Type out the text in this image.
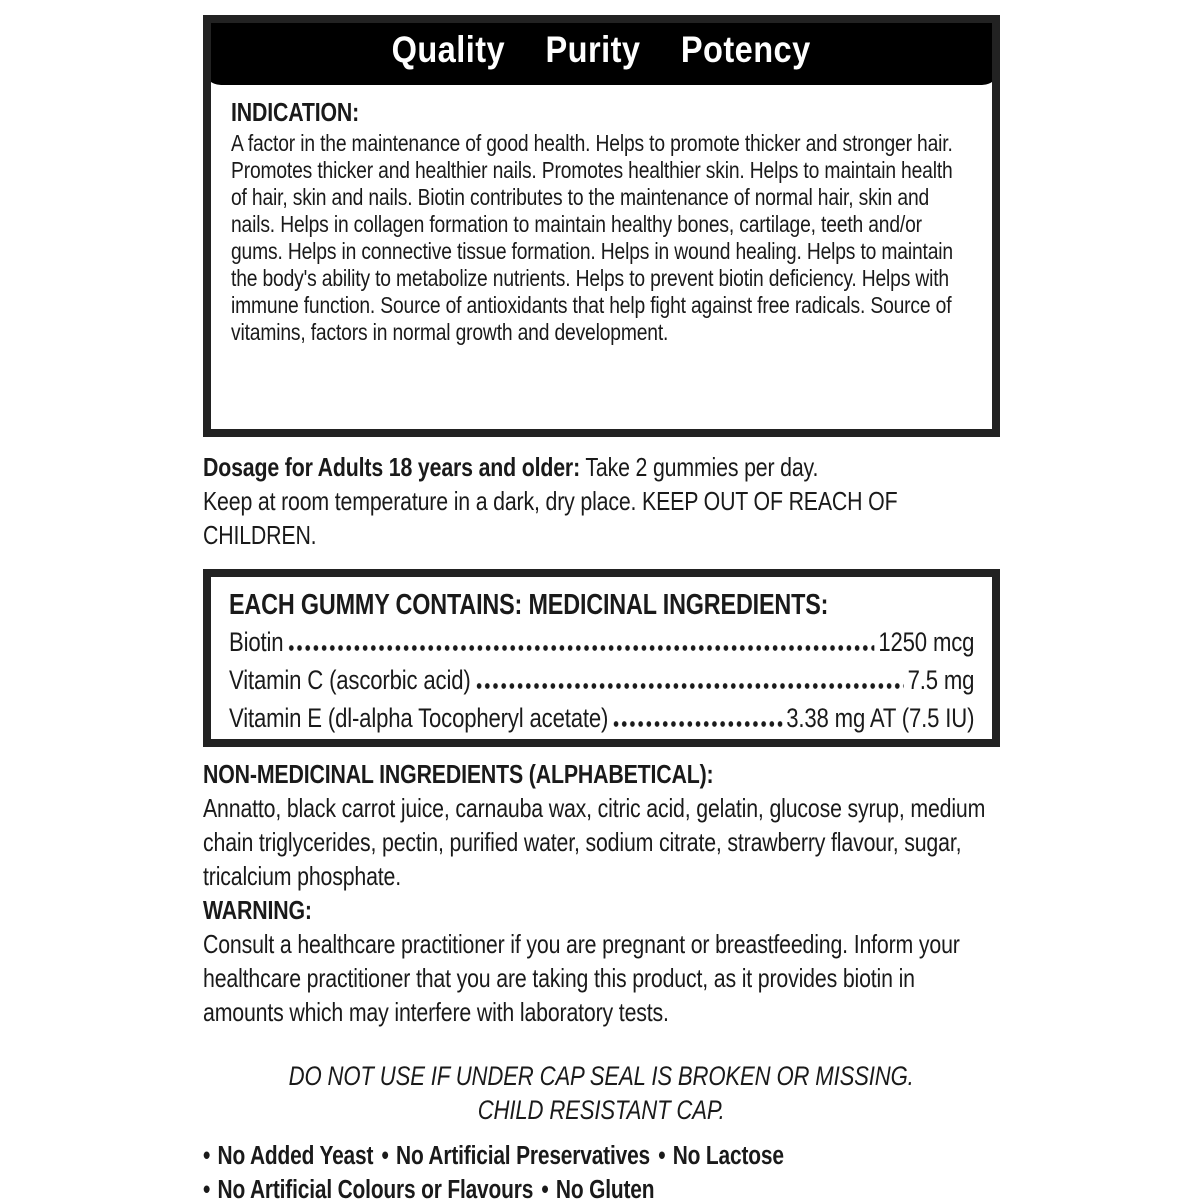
Quality Purity Potency
INDICATION:

A factor in the maintenance of good health. Helps to promote thicker and stronger hair. Promotes thicker and healthier nails. Promotes healthier skin. Helps to maintain health of hair, skin and nails. Biotin contributes to the maintenance of normal hair, skin and nails. Helps in collagen formation to maintain healthy bones, cartilage, teeth and/or gums. Helps in connective tissue formation. Helps in wound healing. Helps to maintain the body's ability to metabolize nutrients. Helps to prevent biotin deficiency. Helps with immune function. Source of antioxidants that help fight against free radicals. Source of vitamins, factors in normal growth and development.

Dosage for Adults 18 years and older: Take 2 gummies per day.

Keep at room temperature in a dark, dry place. KEEP OUT OF REACH OF CHILDREN.

EACH GUMMY CONTAINS: MEDICINAL INGREDIENTS:
Biotin	1250 mcg
Vitamin C (ascorbic acid)	7.5 mg
Vitamin E (dl-alpha Tocopheryl acetate)	3.38 mg AT (7.5 IU)
NON-MEDICINAL INGREDIENTS (ALPHABETICAL):

Annatto, black carrot juice, carnauba wax, citric acid, gelatin, glucose syrup, medium chain triglycerides, pectin, purified water, sodium citrate, strawberry flavour, sugar, tricalcium phosphate.

WARNING:

Consult a healthcare practitioner if you are pregnant or breastfeeding. Inform your healthcare practitioner that you are taking this product, as it provides biotin in amounts which may interfere with laboratory tests.

DO NOT USE IF UNDER CAP SEAL IS BROKEN OR MISSING.

CHILD RESISTANT CAP.

• No Added Yeast • No Artificial Preservatives • No Lactose

• No Artificial Colours or Flavours • No Gluten
